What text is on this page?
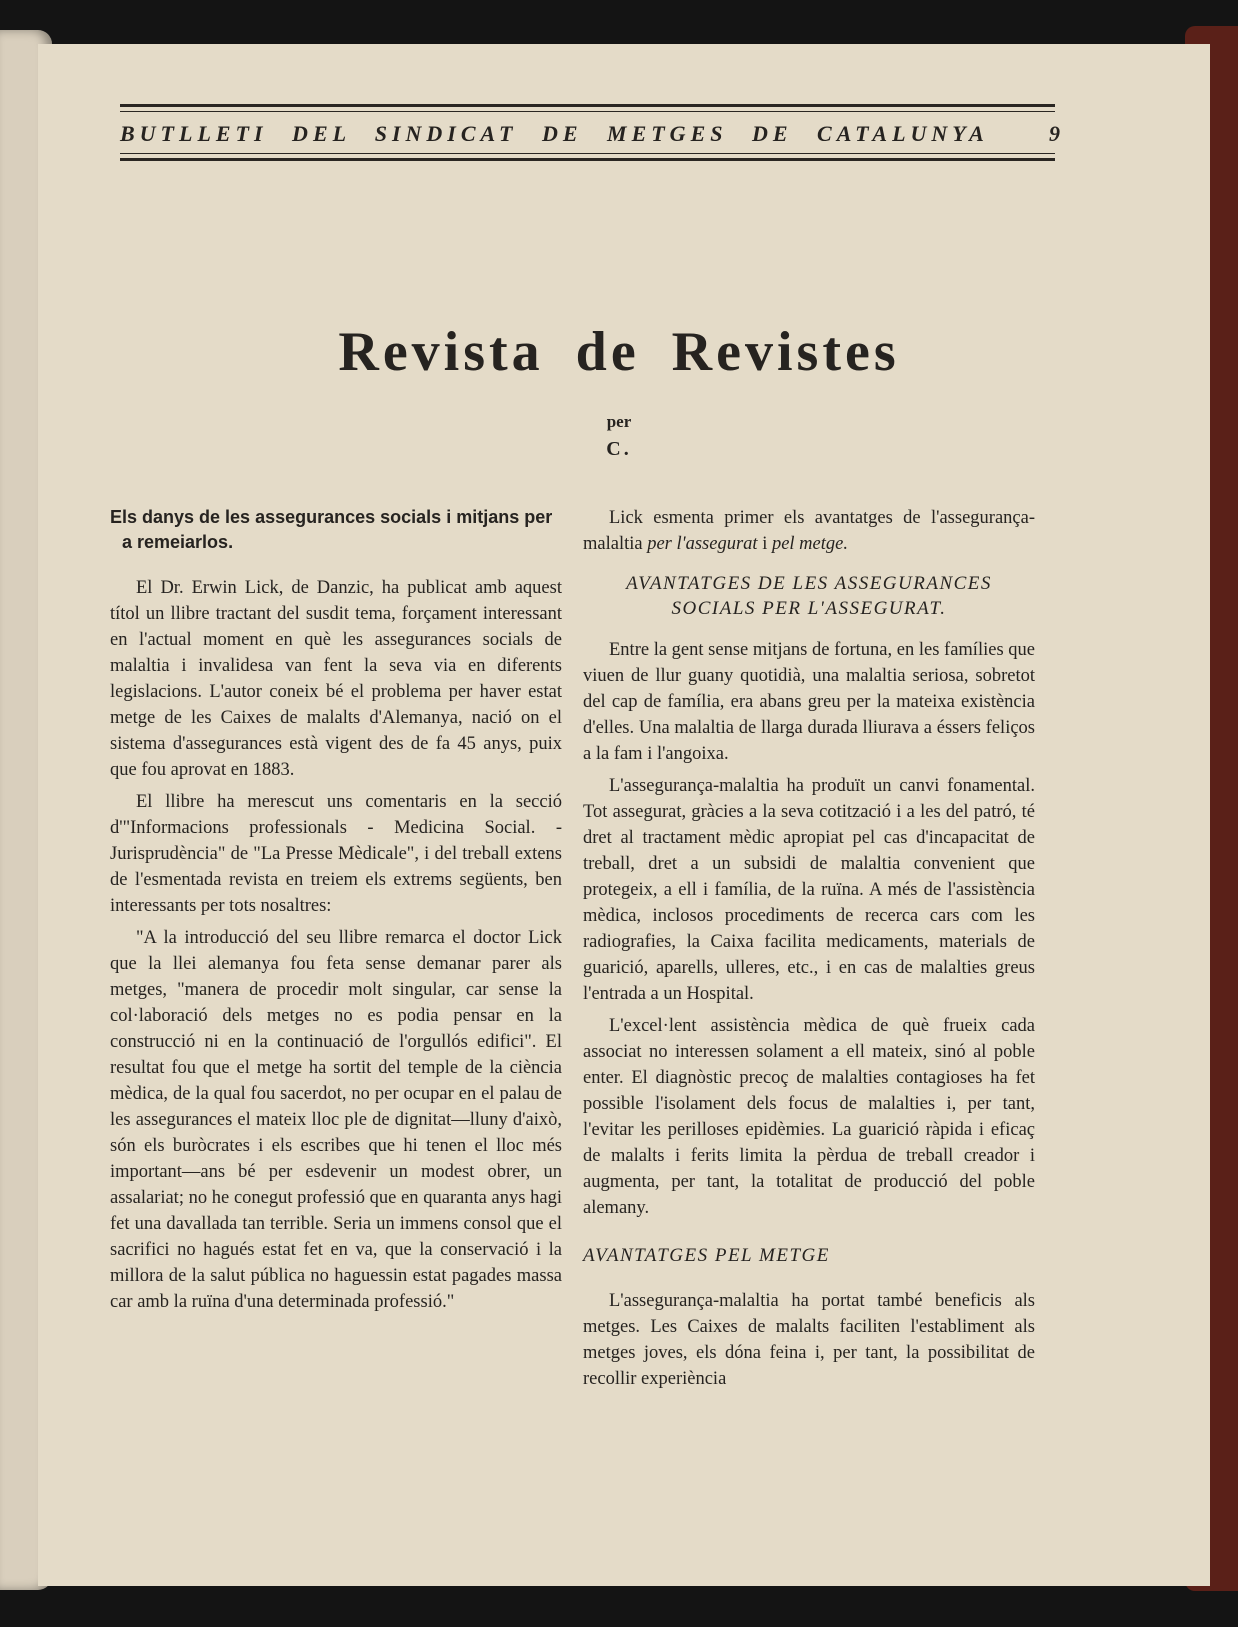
BUTLLETI DEL SINDICAT DE METGES DE CATALUNYA	9
Revista de Revistes
per
C.
Els danys de les assegurances socials i mitjans per a remeiarlos.

El Dr. Erwin Lick, de Danzic, ha publicat amb aquest títol un llibre tractant del susdit tema, forçament interessant en l'actual moment en què les assegurances socials de malaltia i invalidesa van fent la seva via en diferents legislacions. L'autor coneix bé el problema per haver estat metge de les Caixes de malalts d'Alemanya, nació on el sistema d'assegurances està vigent des de fa 45 anys, puix que fou aprovat en 1883.

El llibre ha merescut uns comentaris en la secció d'"Informacions professionals - Medicina Social. - Jurisprudència" de "La Presse Mèdicale", i del treball extens de l'esmentada revista en treiem els extrems següents, ben interessants per tots nosaltres:

"A la introducció del seu llibre remarca el doctor Lick que la llei alemanya fou feta sense demanar parer als metges, "manera de procedir molt singular, car sense la col·laboració dels metges no es podia pensar en la construcció ni en la continuació de l'orgullós edifici". El resultat fou que el metge ha sortit del temple de la ciència mèdica, de la qual fou sacerdot, no per ocupar en el palau de les assegurances el mateix lloc ple de dignitat—lluny d'això, són els buròcrates i els escribes que hi tenen el lloc més important—ans bé per esdevenir un modest obrer, un assalariat; no he conegut professió que en quaranta anys hagi fet una davallada tan terrible. Seria un immens consol que el sacrifici no hagués estat fet en va, que la conservació i la millora de la salut pública no haguessin estat pagades massa car amb la ruïna d'una determinada professió."

Lick esmenta primer els avantatges de l'assegurança-malaltia per l'assegurat i pel metge.

AVANTATGES DE LES ASSEGURANCES SOCIALS PER L'ASSEGURAT.

Entre la gent sense mitjans de fortuna, en les famílies que viuen de llur guany quotidià, una malaltia seriosa, sobretot del cap de família, era abans greu per la mateixa existència d'elles. Una malaltia de llarga durada lliurava a éssers feliços a la fam i l'angoixa.

L'assegurança-malaltia ha produït un canvi fonamental. Tot assegurat, gràcies a la seva cotització i a les del patró, té dret al tractament mèdic apropiat pel cas d'incapacitat de treball, dret a un subsidi de malaltia convenient que protegeix, a ell i família, de la ruïna. A més de l'assistència mèdica, inclosos procediments de recerca cars com les radiografies, la Caixa facilita medicaments, materials de guarició, aparells, ulleres, etc., i en cas de malalties greus l'entrada a un Hospital.

L'excel·lent assistència mèdica de què frueix cada associat no interessen solament a ell mateix, sinó al poble enter. El diagnòstic precoç de malalties contagioses ha fet possible l'isolament dels focus de malalties i, per tant, l'evitar les perilloses epidèmies. La guarició ràpida i eficaç de malalts i ferits limita la pèrdua de treball creador i augmenta, per tant, la totalitat de producció del poble alemany.

AVANTATGES PEL METGE

L'assegurança-malaltia ha portat també beneficis als metges. Les Caixes de malalts faciliten l'establiment als metges joves, els dóna feina i, per tant, la possibilitat de recollir experiència
